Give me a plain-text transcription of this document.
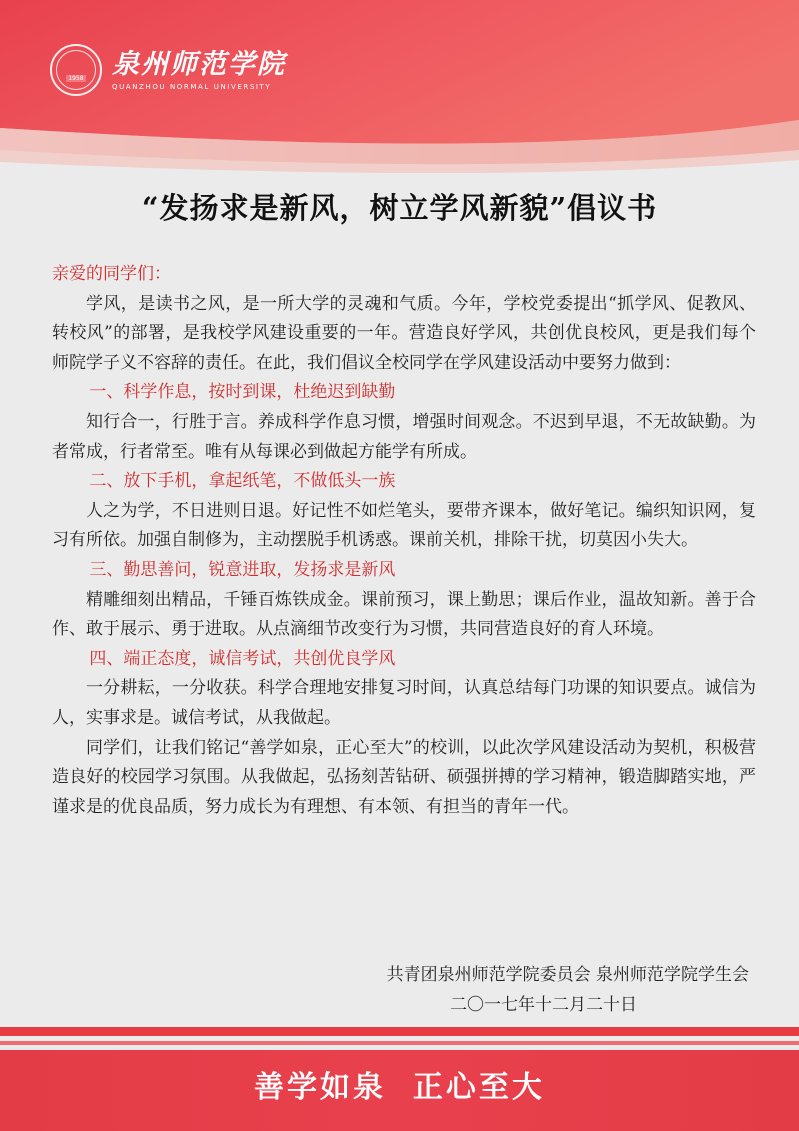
1958 泉州师范学院
QUANZHOU NORMAL UNIVERSITY
“发扬求是新风，树立学风新貌”倡议书

亲爱的同学们：

学风，是读书之风，是一所大学的灵魂和气质。今年，学校党委提出“抓学风、促教风、转校风”的部署，是我校学风建设重要的一年。营造良好学风，共创优良校风，更是我们每个师院学子义不容辞的责任。在此，我们倡议全校同学在学风建设活动中要努力做到：

一、科学作息，按时到课，杜绝迟到缺勤

知行合一，行胜于言。养成科学作息习惯，增强时间观念。不迟到早退，不无故缺勤。为者常成，行者常至。唯有从每课必到做起方能学有所成。

二、放下手机，拿起纸笔，不做低头一族

人之为学，不日进则日退。好记性不如烂笔头，要带齐课本，做好笔记。编织知识网，复习有所依。加强自制修为，主动摆脱手机诱惑。课前关机，排除干扰，切莫因小失大。

三、勤思善问，锐意进取，发扬求是新风

精雕细刻出精品，千锤百炼铁成金。课前预习，课上勤思；课后作业，温故知新。善于合作、敢于展示、勇于进取。从点滴细节改变行为习惯，共同营造良好的育人环境。

四、端正态度，诚信考试，共创优良学风

一分耕耘，一分收获。科学合理地安排复习时间，认真总结每门功课的知识要点。诚信为人，实事求是。诚信考试，从我做起。

同学们，让我们铭记“善学如泉，正心至大”的校训，以此次学风建设活动为契机，积极营造良好的校园学习氛围。从我做起，弘扬刻苦钻研、硕强拼搏的学习精神，锻造脚踏实地，严谨求是的优良品质，努力成长为有理想、有本领、有担当的青年一代。

共青团泉州师范学院委员会 泉州师范学院学生会
二〇一七年十二月二十日
善学如泉  正心至大
